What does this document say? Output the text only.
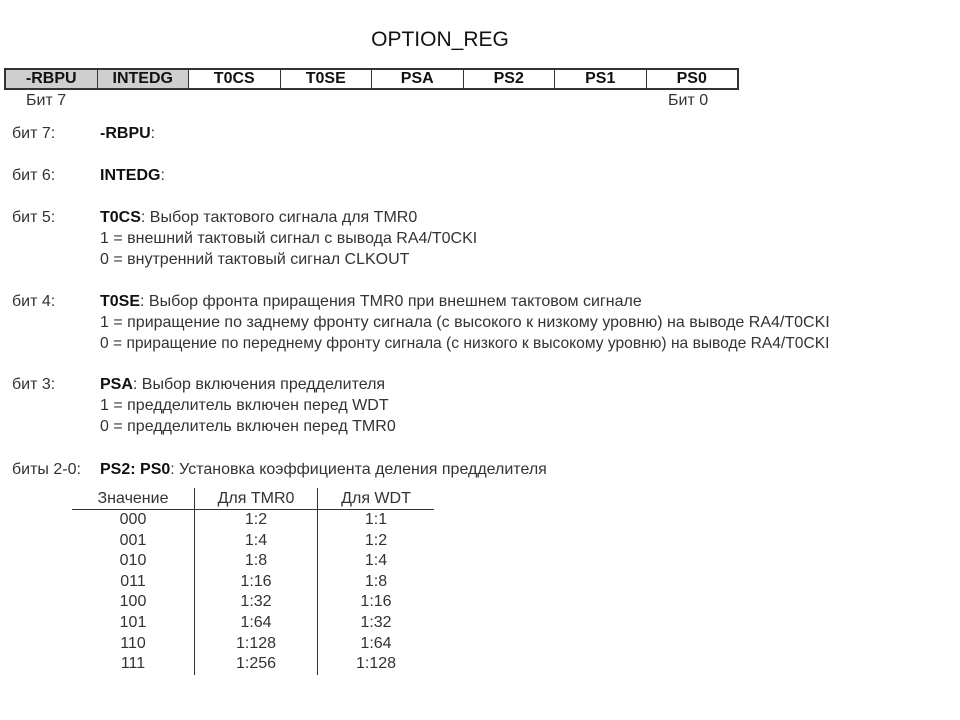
OPTION_REG
-RBPU	INTEDG	T0CS	T0SE	PSA	PS2	PS1	PS0
Бит 7	Бит 0
бит 7:	-RBPU:
бит 6:	INTEDG:
бит 5:	T0CS: Выбор тактового сигнала для TMR0
1 = внешний тактовый сигнал с вывода RA4/T0CKI
0 = внутренний тактовый сигнал CLKOUT
бит 4:	T0SE: Выбор фронта приращения TMR0 при внешнем тактовом сигнале
1 = приращение по заднему фронту сигнала (с высокого к низкому уровню) на выводе RA4/T0CKI
0 = приращение по переднему фронту сигнала (с низкого к высокому уровню) на выводе RA4/T0CKI
бит 3:	PSA: Выбор включения предделителя
1 = предделитель включен перед WDT
0 = предделитель включен перед TMR0
биты 2-0: PS2: PS0: Установка коэффициента деления предделителя
Значение	Для TMR0	Для WDT
000	1:2	1:1
001	1:4	1:2
010	1:8	1:4
011	1:16	1:8
100	1:32	1:16
101	1:64	1:32
110	1:128	1:64
111	1:256	1:128
